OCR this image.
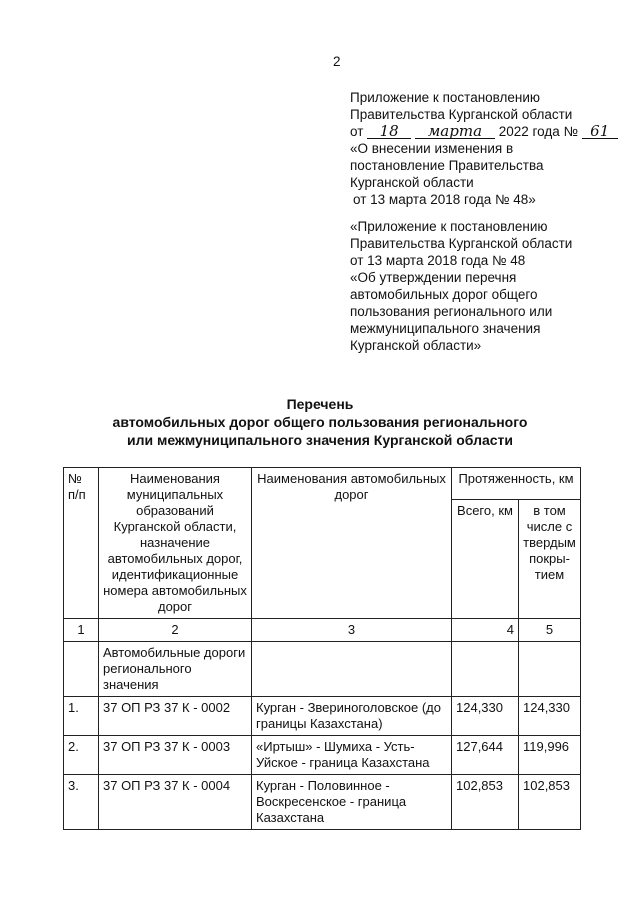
2
Приложение к постановлению
Правительства Курганской области
от 18 марта 2022 года № 61
«О внесении изменения в
постановление Правительства
Курганской области
от 13 марта 2018 года № 48»
«Приложение к постановлению
Правительства Курганской области
от 13 марта 2018 года № 48
«Об утверждении перечня
автомобильных дорог общего
пользования регионального или
межмуниципального значения
Курганской области»
Перечень
автомобильных дорог общего пользования регионального
или межмуниципального значения Курганской области
№ п/п	Наименования муниципальных образований Курганской области, назначение автомобильных дорог, идентификационные номера автомобильных дорог	Наименования автомобильных дорог	Протяженность, км	
			Всего, км	в том числе с твердым покры-тием
1	2	3	4	5
	Автомобильные дороги регионального значения			
1.	37 ОП РЗ 37 К - 0002	Курган - Звериноголовское (до границы Казахстана)	124,330	124,330
2.	37 ОП РЗ 37 К - 0003	«Иртыш» - Шумиха - Усть-Уйское - граница Казахстана	127,644	119,996
3.	37 ОП РЗ 37 К - 0004	Курган - Половинное - Воскресенское - граница Казахстана	102,853	102,853
